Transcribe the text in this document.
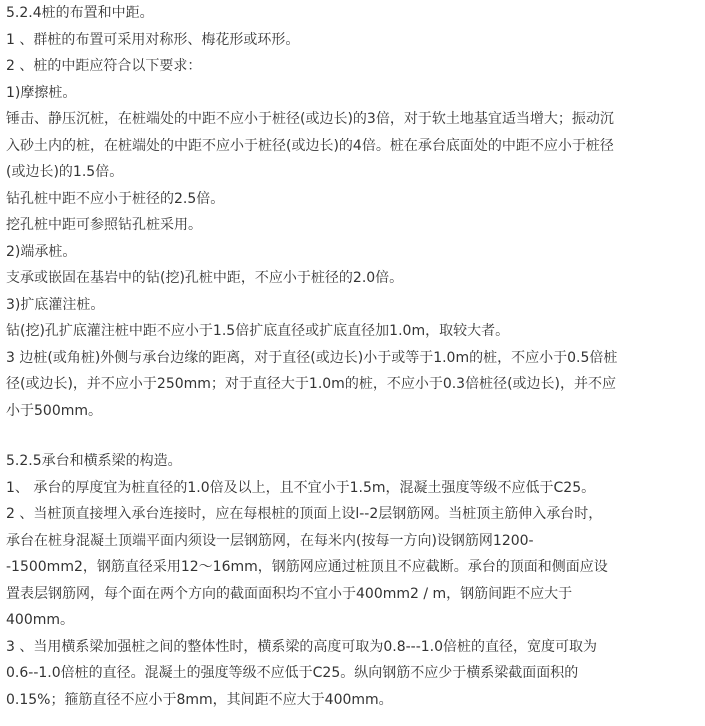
5.2.4桩的布置和中距。
1 、群桩的布置可采用对称形、梅花形或环形。
2 、桩的中距应符合以下要求：
1)摩擦桩。
锤击、静压沉桩，在桩端处的中距不应小于桩径(或边长)的3倍，对于软土地基宜适当增大；振动沉
入砂土内的桩，在桩端处的中距不应小于桩径(或边长)的4倍。桩在承台底面处的中距不应小于桩径
(或边长)的1.5倍。
钻孔桩中距不应小于桩径的2.5倍。
挖孔桩中距可参照钻孔桩采用。
2)端承桩。
支承或嵌固在基岩中的钻(挖)孔桩中距，不应小于桩径的2.0倍。
3)扩底灌注桩。
钻(挖)孔扩底灌注桩中距不应小于1.5倍扩底直径或扩底直径加1.0m，取较大者。
3 边桩(或角桩)外侧与承台边缘的距离，对于直径(或边长)小于或等于1.0m的桩，不应小于0.5倍桩
径(或边长)，并不应小于250mm；对于直径大于1.0m的桩，不应小于0.3倍桩径(或边长)，并不应
小于500mm。
5.2.5承台和横系梁的构造。
1、 承台的厚度宜为桩直径的1.0倍及以上，且不宜小于1.5m，混凝土强度等级不应低于C25。
2 、当桩顶直接埋入承台连接时，应在每根桩的顶面上设l--2层钢筋网。当桩顶主筋伸入承台时，
承台在桩身混凝土顶端平面内须设一层钢筋网，在每米内(按每一方向)设钢筋网1200-
-1500mm2，钢筋直径采用12～16mm，钢筋网应通过桩顶且不应截断。承台的顶面和侧面应设
置表层钢筋网，每个面在两个方向的截面面积均不宜小于400mm2 / m，钢筋间距不应大于
400mm。
3 、当用横系梁加强桩之间的整体性时，横系梁的高度可取为0.8---1.0倍桩的直径，宽度可取为
0.6--1.0倍桩的直径。混凝土的强度等级不应低于C25。纵向钢筋不应少于横系梁截面面积的
0.15%；箍筋直径不应小于8mm，其间距不应大于400mm。
